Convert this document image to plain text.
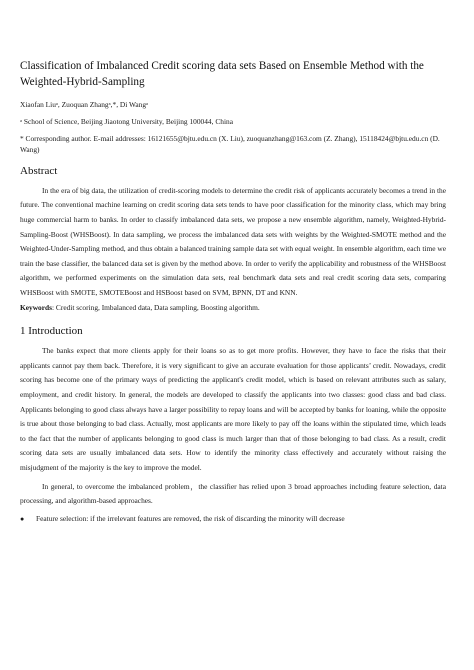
Classification of Imbalanced Credit scoring data sets Based on Ensemble Method with the Weighted-Hybrid-Sampling

Xiaofan Liuᵃ, Zuoquan Zhangᵃ,*, Di Wangᵃ

ᵃ School of Science, Beijing Jiaotong University, Beijing 100044, China

* Corresponding author. E-mail addresses: 16121655@bjtu.edu.cn (X. Liu), zuoquanzhang@163.com (Z. Zhang), 15118424@bjtu.edu.cn (D. Wang)

Abstract

In the era of big data, the utilization of credit-scoring models to determine the credit risk of applicants accurately becomes a trend in the future. The conventional machine learning on credit scoring data sets tends to have poor classification for the minority class, which may bring huge commercial harm to banks. In order to classify imbalanced data sets, we propose a new ensemble algorithm, namely, Weighted-Hybrid-Sampling-Boost (WHSBoost). In data sampling, we process the imbalanced data sets with weights by the Weighted-SMOTE method and the Weighted-Under-Sampling method, and thus obtain a balanced training sample data set with equal weight. In ensemble algorithm, each time we train the base classifier, the balanced data set is given by the method above. In order to verify the applicability and robustness of the WHSBoost algorithm, we performed experiments on the simulation data sets, real benchmark data sets and real credit scoring data sets, comparing WHSBoost with SMOTE, SMOTEBoost and HSBoost based on SVM, BPNN, DT and KNN.

Keywords: Credit scoring, Imbalanced data, Data sampling, Boosting algorithm.

1 Introduction

The banks expect that more clients apply for their loans so as to get more profits. However, they have to face the risks that their applicants cannot pay them back. Therefore, it is very significant to give an accurate evaluation for those applicants’ credit. Nowadays, credit scoring has become one of the primary ways of predicting the applicant's credit model, which is based on relevant attributes such as salary, employment, and credit history. In general, the models are developed to classify the applicants into two classes: good class and bad class. Applicants belonging to good class always have a larger possibility to repay loans and will be accepted by banks for loaning, while the opposite is true about those belonging to bad class. Actually, most applicants are more likely to pay off the loans within the stipulated time, which leads to the fact that the number of applicants belonging to good class is much larger than that of those belonging to bad class. As a result, credit scoring data sets are usually imbalanced data sets. How to identify the minority class effectively and accurately without raising the misjudgment of the majority is the key to improve the model.

In general, to overcome the imbalanced problem，the classifier has relied upon 3 broad approaches including feature selection, data processing, and algorithm-based approaches.

●	Feature selection: if the irrelevant features are removed, the risk of discarding the minority will decrease
